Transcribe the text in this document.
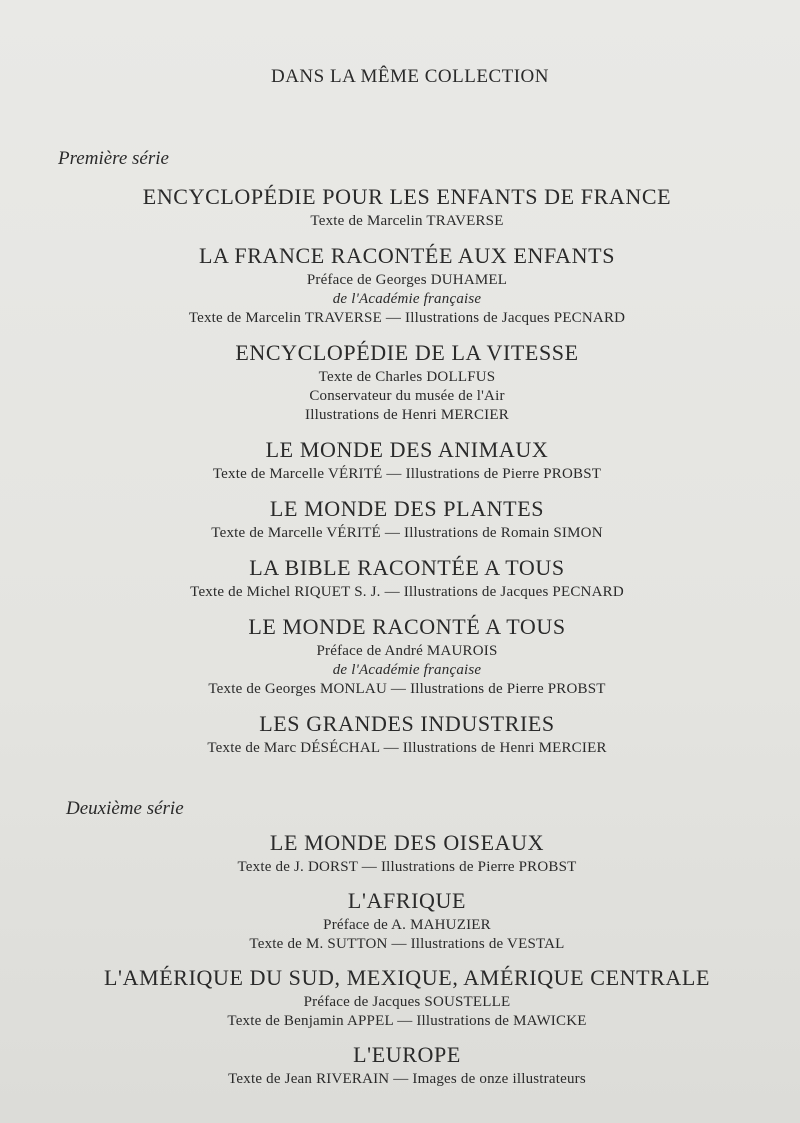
DANS LA MÊME COLLECTION
Première série
ENCYCLOPÉDIE POUR LES ENFANTS DE FRANCE
Texte de Marcelin TRAVERSE
LA FRANCE RACONTÉE AUX ENFANTS
Préface de Georges DUHAMEL
de l'Académie française
Texte de Marcelin TRAVERSE — Illustrations de Jacques PECNARD
ENCYCLOPÉDIE DE LA VITESSE
Texte de Charles DOLLFUS
Conservateur du musée de l'Air
Illustrations de Henri MERCIER
LE MONDE DES ANIMAUX
Texte de Marcelle VÉRITÉ — Illustrations de Pierre PROBST
LE MONDE DES PLANTES
Texte de Marcelle VÉRITÉ — Illustrations de Romain SIMON
LA BIBLE RACONTÉE A TOUS
Texte de Michel RIQUET S. J. — Illustrations de Jacques PECNARD
LE MONDE RACONTÉ A TOUS
Préface de André MAUROIS
de l'Académie française
Texte de Georges MONLAU — Illustrations de Pierre PROBST
LES GRANDES INDUSTRIES
Texte de Marc DÉSÉCHAL — Illustrations de Henri MERCIER
Deuxième série
LE MONDE DES OISEAUX
Texte de J. DORST — Illustrations de Pierre PROBST
L'AFRIQUE
Préface de A. MAHUZIER
Texte de M. SUTTON — Illustrations de VESTAL
L'AMÉRIQUE DU SUD, MEXIQUE, AMÉRIQUE CENTRALE
Préface de Jacques SOUSTELLE
Texte de Benjamin APPEL — Illustrations de MAWICKE
L'EUROPE
Texte de Jean RIVERAIN — Images de onze illustrateurs
